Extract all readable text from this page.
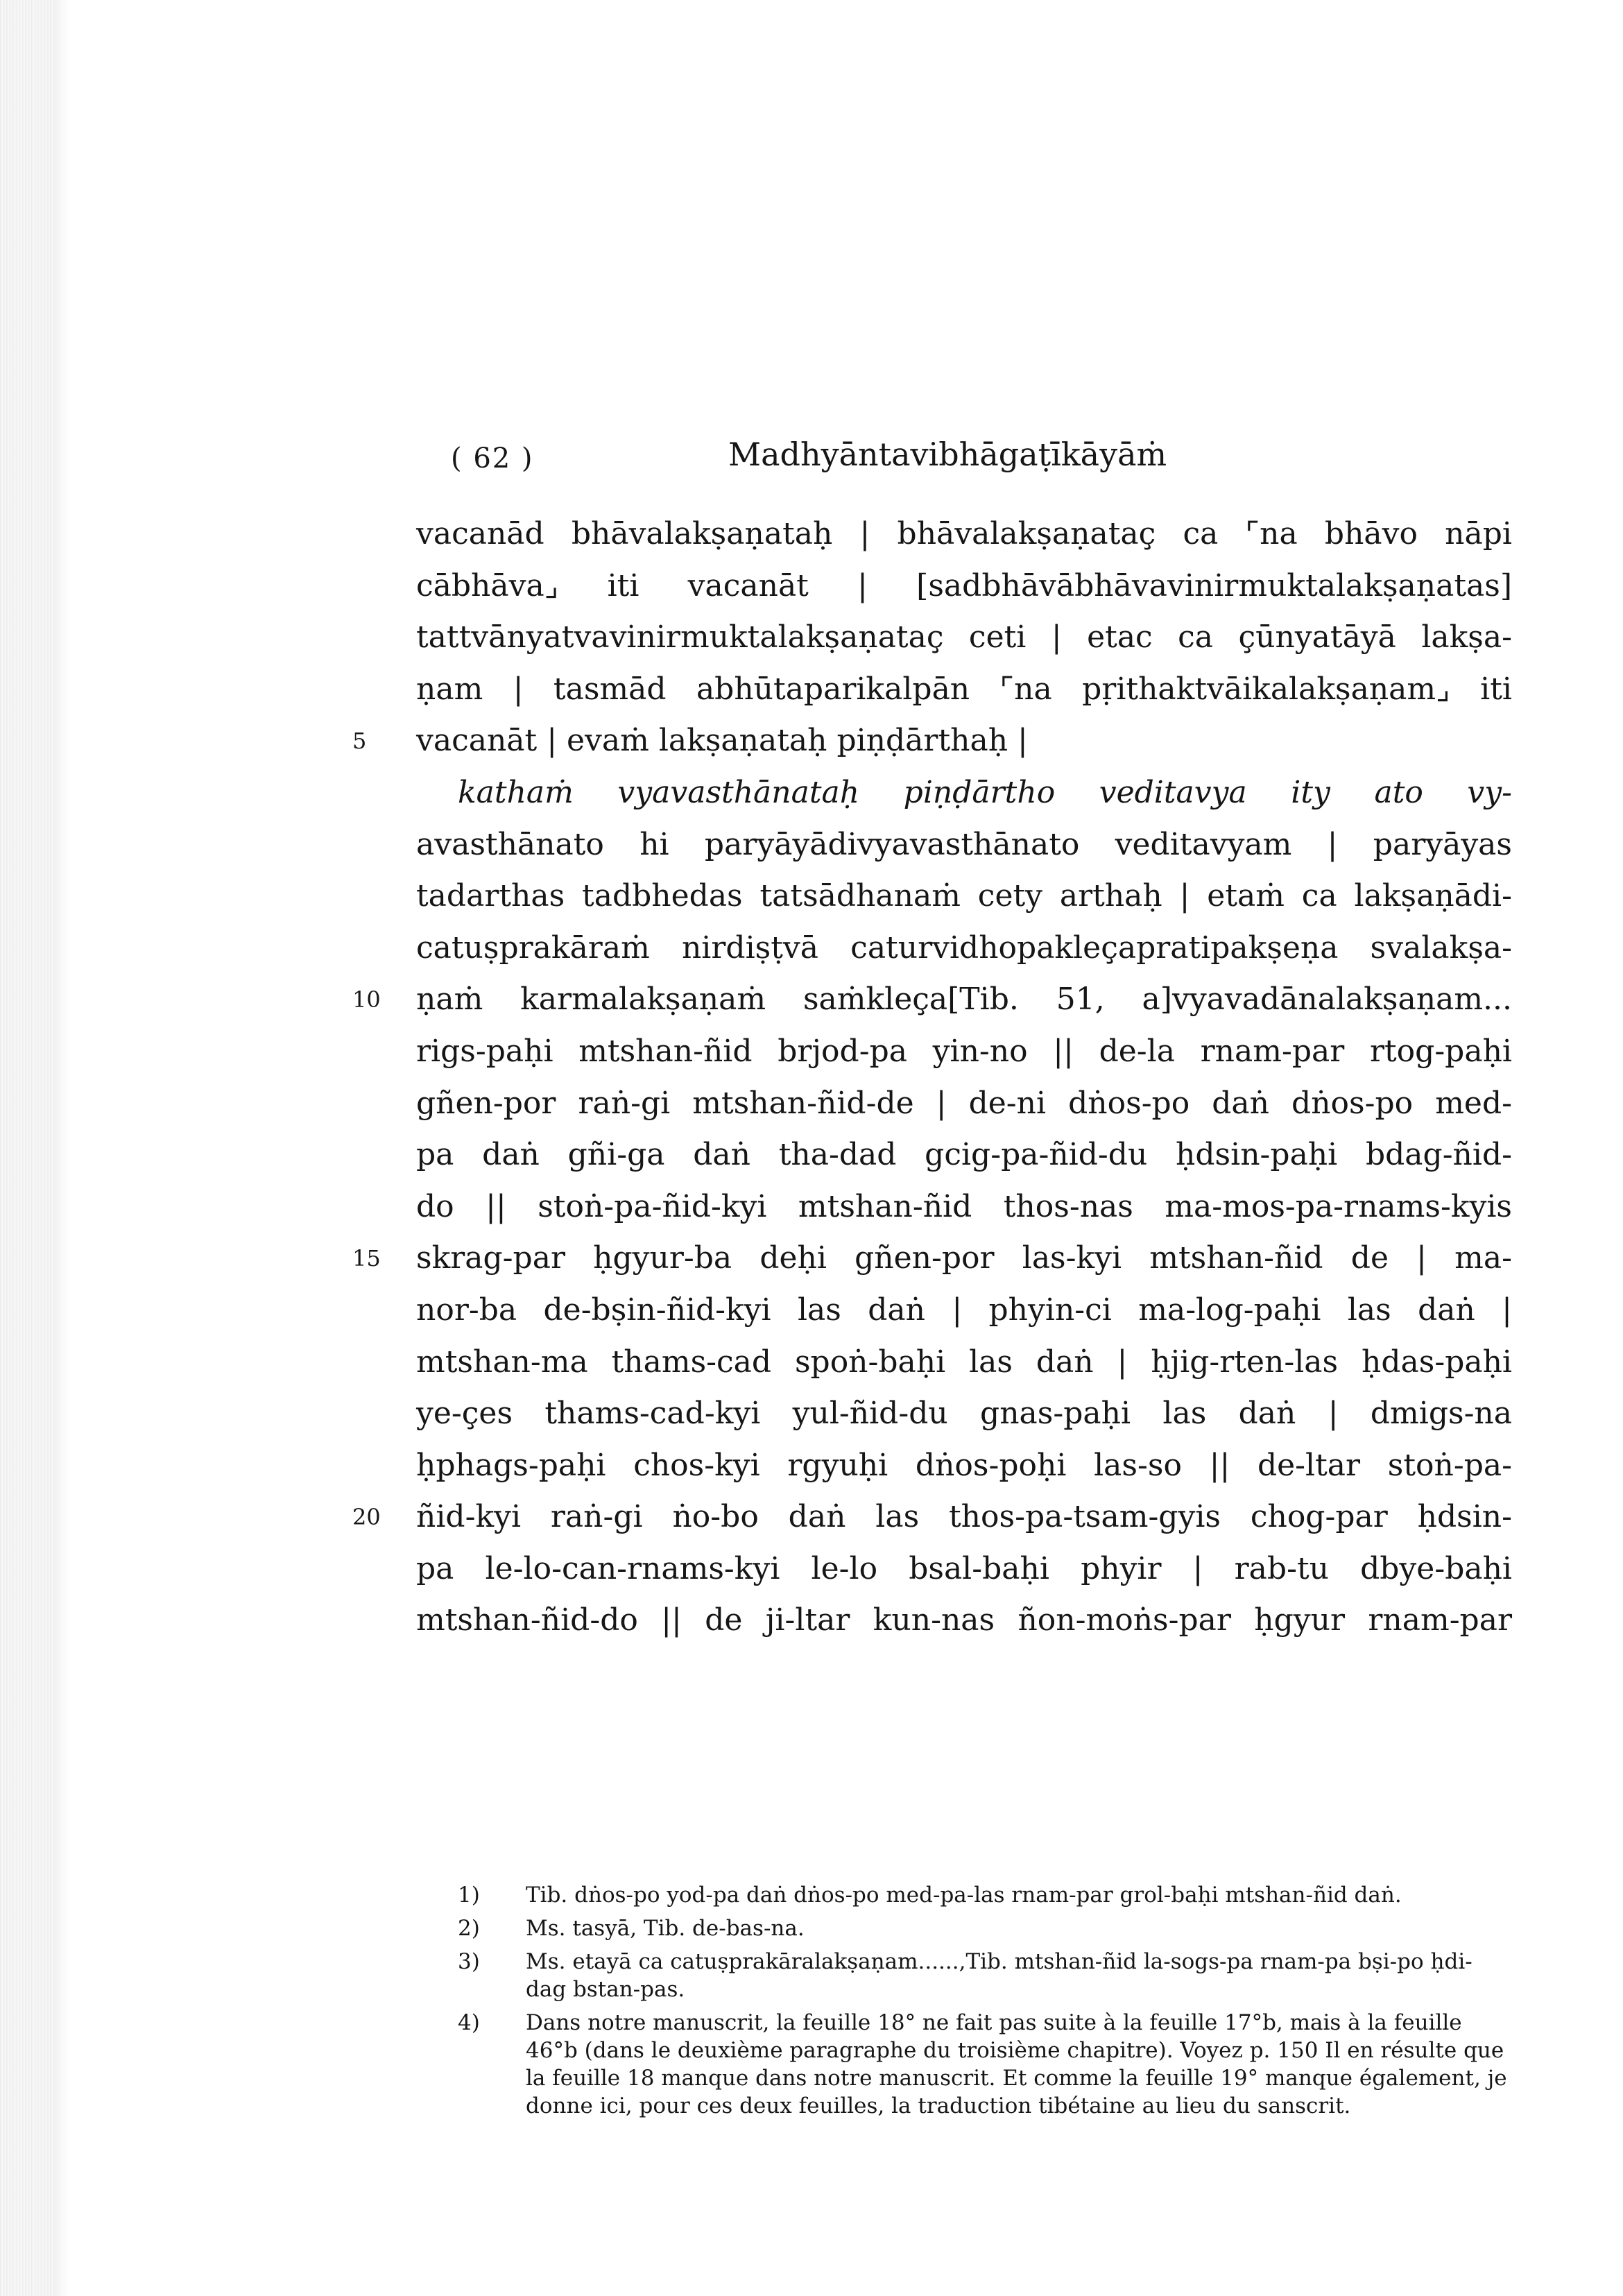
( 62 )	Madhyāntavibhāgaṭīkāyāṁ
vacanād bhāvalakṣaṇataḥ | bhāvalakṣaṇataç ca ⌜na bhāvo nāpi
cābhāva⌟ iti vacanāt | [sadbhāvābhāvavinirmuktalakṣaṇatas]
tattvānyatvavinirmuktalakṣaṇataç ceti | etac ca çūnyatāyā lakṣa-
ṇam | tasmād abhūtaparikalpān ⌜na pṛithaktvāikalakṣaṇam⌟ iti
5	vacanāt | evaṁ lakṣaṇataḥ piṇḍārthaḥ |
kathaṁ vyavasthānataḥ piṇḍārtho veditavya ity ato vy-
avasthānato hi paryāyādivyavasthānato veditavyam | paryāyas
tadarthas tadbhedas tatsādhanaṁ cety arthaḥ | etaṁ ca lakṣaṇādi-
catuṣprakāraṁ nirdiṣṭvā caturvidhopakleçapratipakṣeṇa svalakṣa-
10	ṇaṁ karmalakṣaṇaṁ saṁkleça[Tib. 51, a]vyavadānalakṣaṇam...
rigs-paḥi mtshan-ñid brjod-pa yin-no || de-la rnam-par rtog-paḥi
gñen-por raṅ-gi mtshan-ñid-de | de-ni dṅos-po daṅ dṅos-po med-
pa daṅ gñi-ga daṅ tha-dad gcig-pa-ñid-du ḥdsin-paḥi bdag-ñid-
do || stoṅ-pa-ñid-kyi mtshan-ñid thos-nas ma-mos-pa-rnams-kyis
15	skrag-par ḥgyur-ba deḥi gñen-por las-kyi mtshan-ñid de | ma-
nor-ba de-bṣin-ñid-kyi las daṅ | phyin-ci ma-log-paḥi las daṅ |
mtshan-ma thams-cad spoṅ-baḥi las daṅ | ḥjig-rten-las ḥdas-paḥi
ye-çes thams-cad-kyi yul-ñid-du gnas-paḥi las daṅ | dmigs-na
ḥphags-paḥi chos-kyi rgyuḥi dṅos-poḥi las-so || de-ltar stoṅ-pa-
20	ñid-kyi raṅ-gi ṅo-bo daṅ las thos-pa-tsam-gyis chog-par ḥdsin-
pa le-lo-can-rnams-kyi le-lo bsal-baḥi phyir | rab-tu dbye-baḥi
mtshan-ñid-do || de ji-ltar kun-nas ñon-moṅs-par ḥgyur rnam-par
1)	Tib. dṅos-po yod-pa daṅ dṅos-po med-pa-las rnam-par grol-baḥi mtshan-ñid daṅ.
2)	Ms. tasyā, Tib. de-bas-na.
3)	Ms. etayā ca catuṣprakāralakṣaṇam......,Tib. mtshan-ñid la-sogs-pa rnam-pa bṣi-po ḥdi-dag bstan-pas.
4)	Dans notre manuscrit, la feuille 18° ne fait pas suite à la feuille 17°b, mais à la feuille 46°b (dans le deuxième paragraphe du troisième chapitre). Voyez p. 150 Il en résulte que la feuille 18 manque dans notre manuscrit. Et comme la feuille 19° manque également, je donne ici, pour ces deux feuilles, la traduction tibétaine au lieu du sanscrit.
